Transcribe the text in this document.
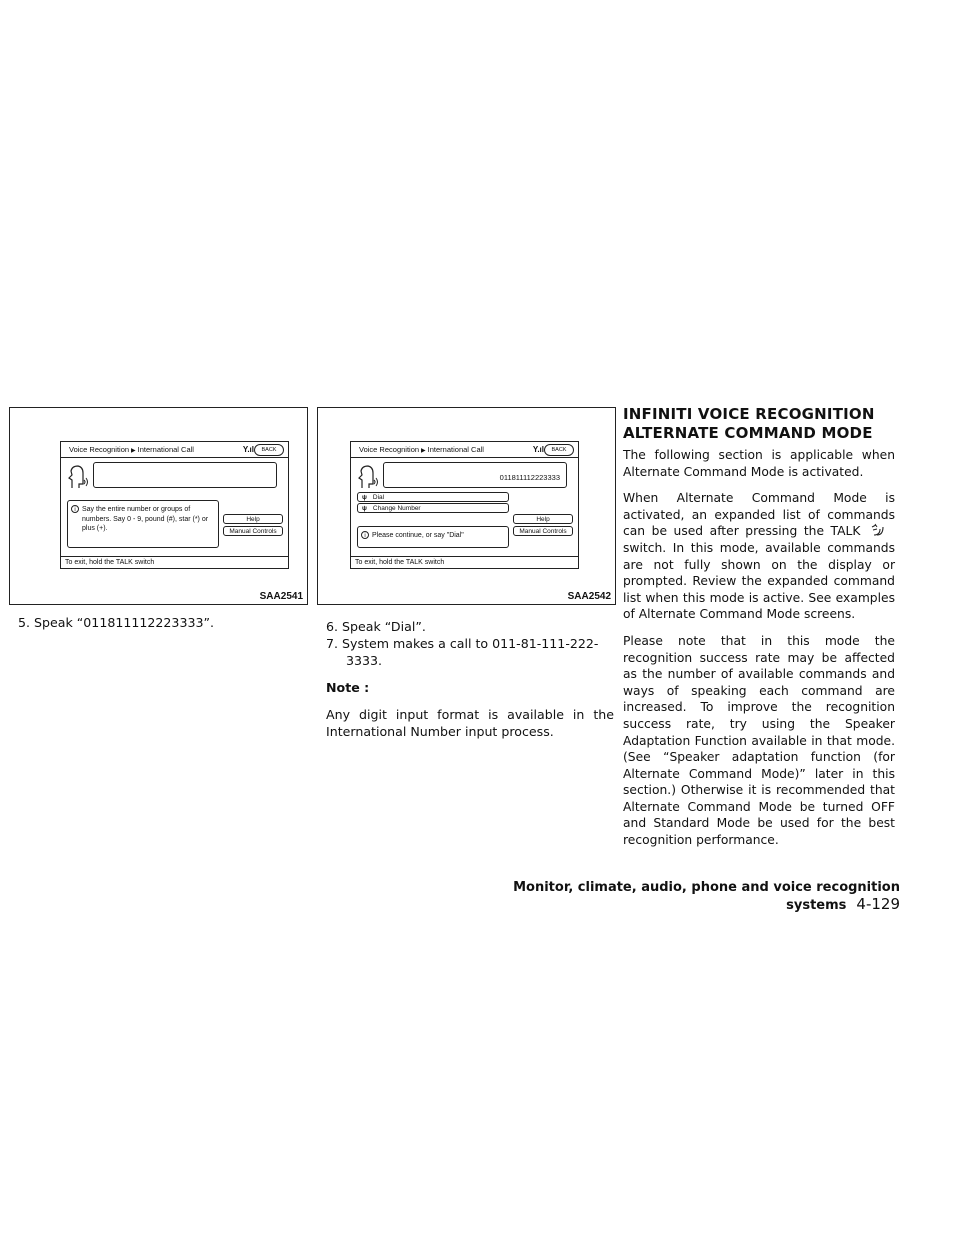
Voice Recognition ▶ International Call	Y.ıl	BACK
i Say the entire number or groups of numbers. Say 0 - 9, pound (#), star (*) or plus (+).
Help
Manual Controls
To exit, hold the TALK switch
SAA2541
Voice Recognition ▶ International Call	Y.ıl	BACK
011811112223333
ψ Dial
ψ Change Number
i Please continue, or say "Dial"
Help
Manual Controls
To exit, hold the TALK switch
SAA2542
5. Speak “011811112223333”.	6. Speak “Dial”.
7. System makes a call to 011-81-111-222-
3333.
Note :

Any digit input format is available in the International Number input process.

INFINITI VOICE RECOGNITION
ALTERNATE COMMAND MODE

The following section is applicable when Alternate Command Mode is activated.

When Alternate Command Mode is activated, an expanded list of commands can be used after pressing the TALK  switch. In this mode, available commands are not fully shown on the display or prompted. Review the expanded command list when this mode is active. See examples of Alternate Command Mode screens.

Please note that in this mode the recognition success rate may be affected as the number of available commands and ways of speaking each command are increased. To improve the recognition success rate, try using the Speaker Adaptation Function available in that mode. (See “Speaker adaptation function (for Alternate Command Mode)” later in this section.) Otherwise it is recommended that Alternate Command Mode be turned OFF and Standard Mode be used for the best recognition performance.

Monitor, climate, audio, phone and voice recognition systems 4-129
